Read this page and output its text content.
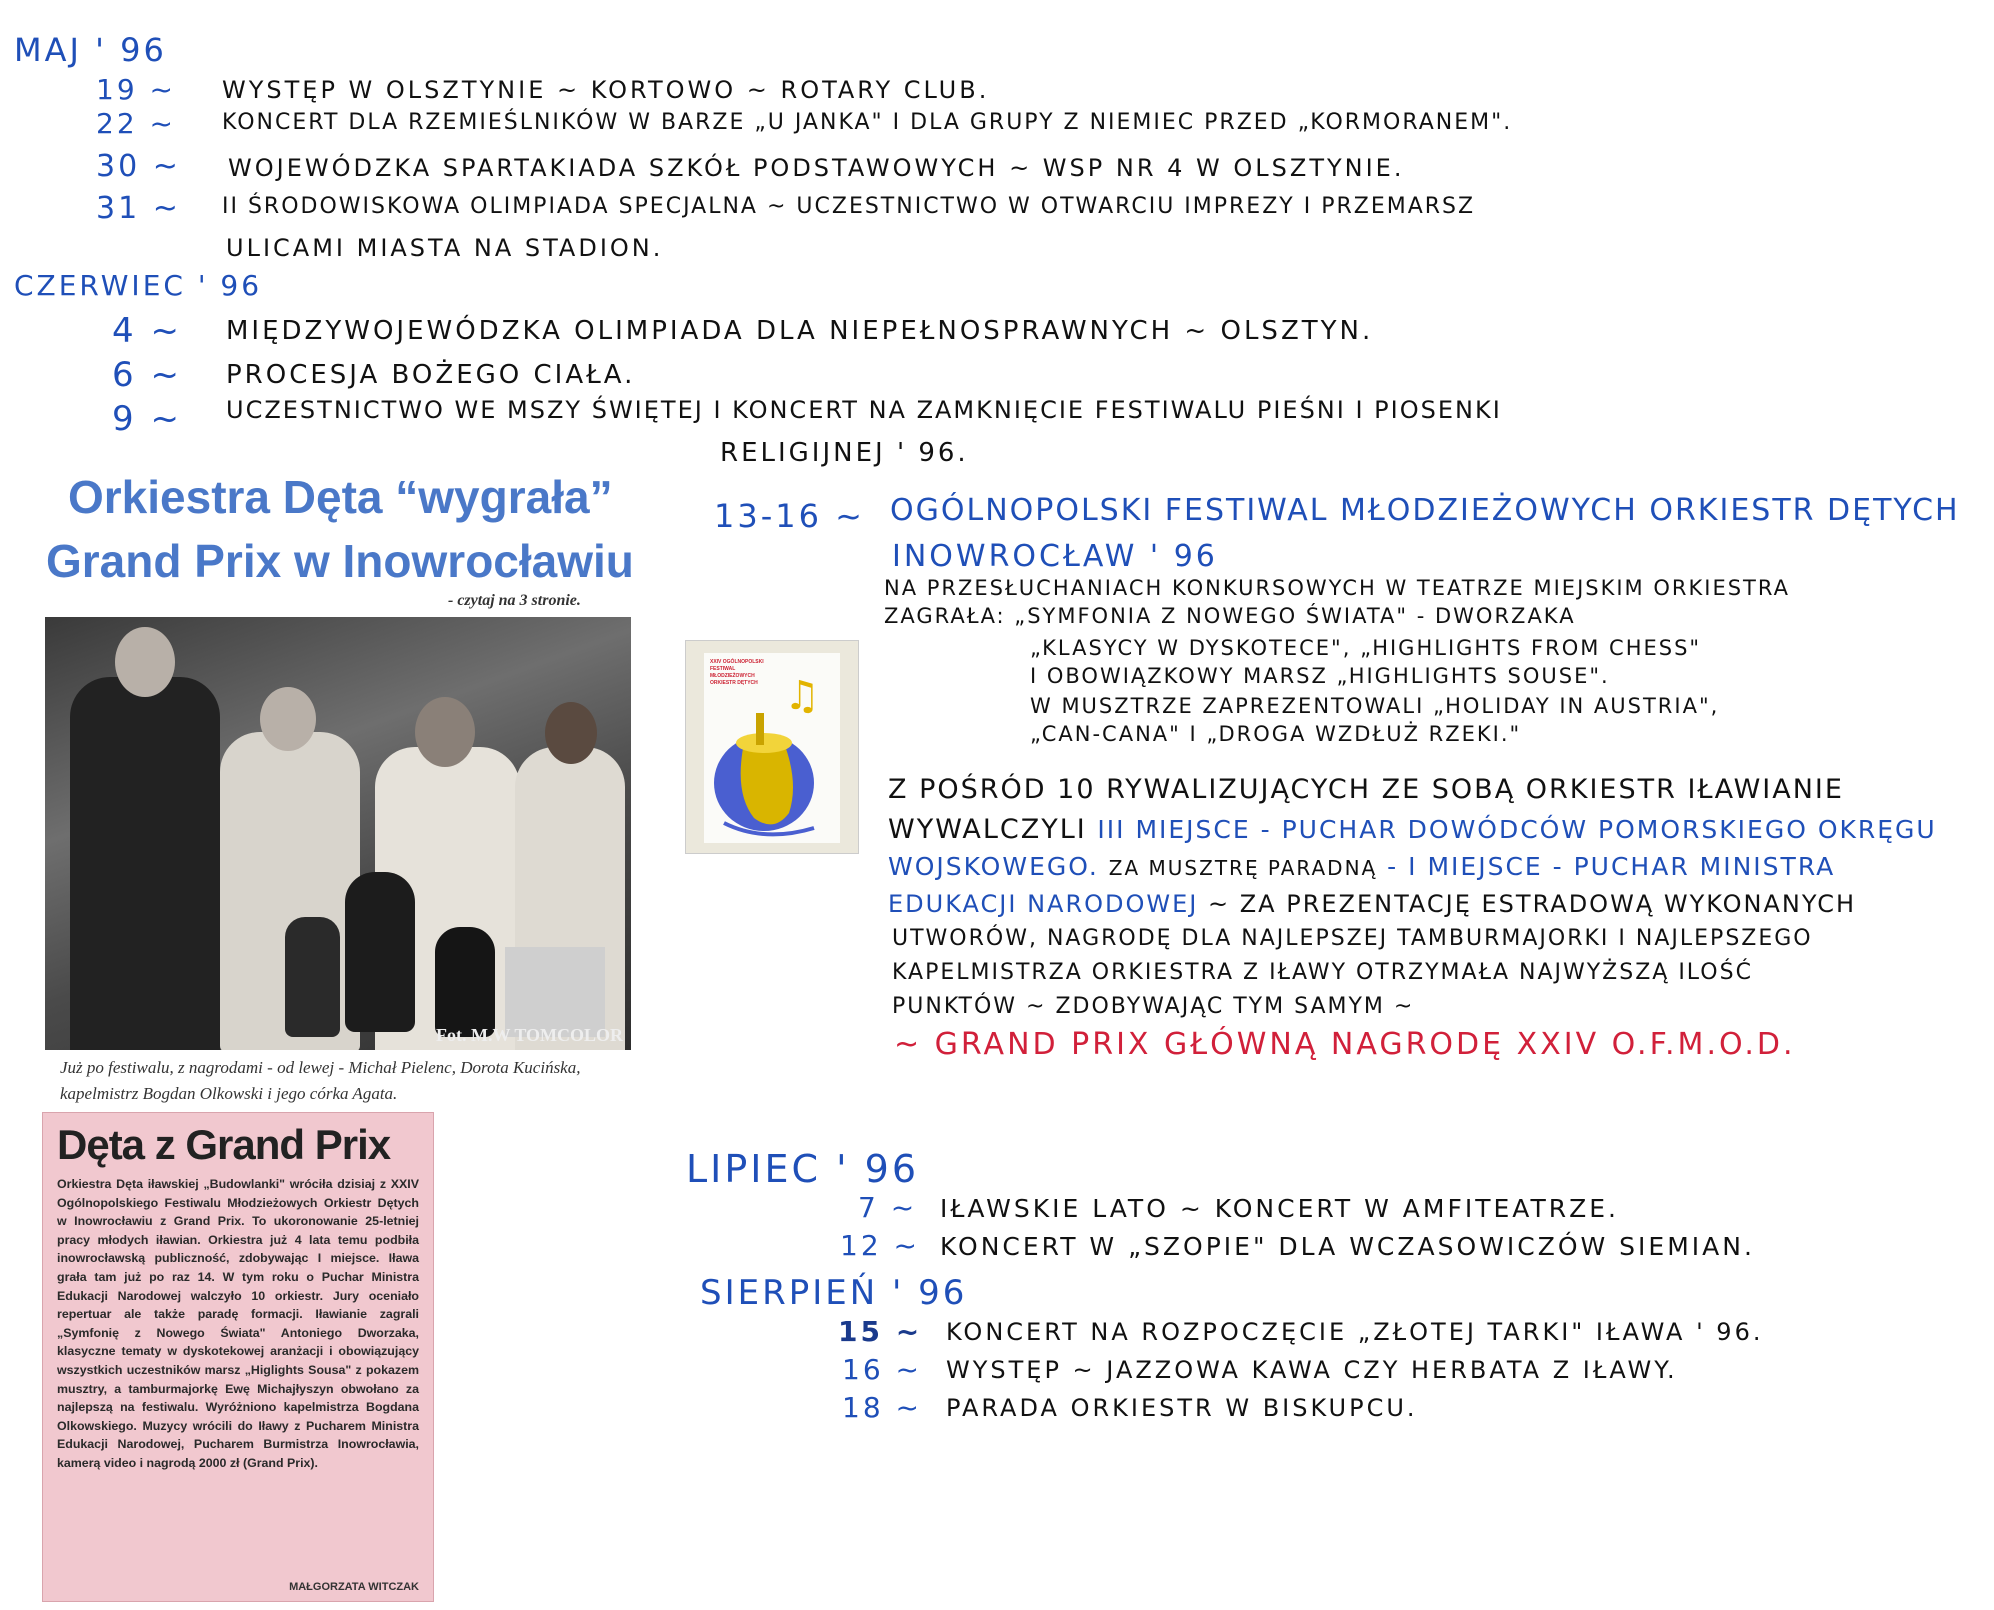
MAJ ' 96
19 ~ WYSTĘP W OLSZTYNIE ~ KORTOWO ~ ROTARY CLUB.
22 ~ KONCERT DLA RZEMIEŚLNIKÓW W BARZE „U JANKA" I DLA GRUPY Z NIEMIEC PRZED „KORMORANEM".
30 ~ WOJEWÓDZKA SPARTAKIADA SZKÓŁ PODSTAWOWYCH ~ WSP NR 4 W OLSZTYNIE.
31 ~ II ŚRODOWISKOWA OLIMPIADA SPECJALNA ~ UCZESTNICTWO W OTWARCIU IMPREZY I PRZEMARSZ
ULICAMI MIASTA NA STADION.
CZERWIEC ' 96
4 ~ MIĘDZYWOJEWÓDZKA OLIMPIADA DLA NIEPEŁNOSPRAWNYCH ~ OLSZTYN.
6 ~ PROCESJA BOŻEGO CIAŁA.
9 ~ UCZESTNICTWO WE MSZY ŚWIĘTEJ I KONCERT NA ZAMKNIĘCIE FESTIWALU PIEŚNI I PIOSENKI
RELIGIJNEJ ' 96.
Orkiestra Dęta “wygrała”
Grand Prix w Inowrocławiu
- czytaj na 3 stronie.
Fot. M.W TOMCOLOR
Już po festiwalu, z nagrodami - od lewej - Michał Pielenc, Dorota Kucińska, kapelmistrz Bogdan Olkowski i jego córka Agata.
Dęta z Grand Prix
Orkiestra Dęta iławskiej „Budowlanki" wróciła dzisiaj z XXIV Ogólnopolskiego Festiwalu Młodzieżowych Orkiestr Dętych w Inowrocławiu z Grand Prix. To ukoronowanie 25-letniej pracy młodych iławian. Orkiestra już 4 lata temu podbiła inowrocławską publiczność, zdobywając I miejsce. Iława grała tam już po raz 14. W tym roku o Puchar Ministra Edukacji Narodowej walczyło 10 orkiestr. Jury oceniało repertuar ale także paradę formacji. Iławianie zagrali „Symfonię z Nowego Świata" Antoniego Dworzaka, klasyczne tematy w dyskotekowej aranżacji i obowiązujący wszystkich uczestników marsz „Higlights Sousa" z pokazem musztry, a tamburmajorkę Ewę Michajłyszyn obwołano za najlepszą na festiwalu. Wyróżniono kapelmistrza Bogdana Olkowskiego. Muzycy wrócili do Iławy z Pucharem Ministra Edukacji Narodowej, Pucharem Burmistrza Inowrocławia, kamerą video i nagrodą 2000 zł (Grand Prix).
MAŁGORZATA WITCZAK
XXIV OGÓLNOPOLSKI FESTIWAL MŁODZIEŻOWYCH ORKIESTR DĘTYCH ♫
13-16 ~ OGÓLNOPOLSKI FESTIWAL MŁODZIEŻOWYCH ORKIESTR DĘTYCH
INOWROCŁAW ' 96
NA PRZESŁUCHANIACH KONKURSOWYCH W TEATRZE MIEJSKIM ORKIESTRA
ZAGRAŁA: „SYMFONIA Z NOWEGO ŚWIATA" - DWORZAKA
„KLASYCY W DYSKOTECE", „HIGHLIGHTS FROM CHESS"
I OBOWIĄZKOWY MARSZ „HIGHLIGHTS SOUSE".
W MUSZTRZE ZAPREZENTOWALI „HOLIDAY IN AUSTRIA",
„CAN-CANA" I „DROGA WZDŁUŻ RZEKI."
Z POŚRÓD 10 RYWALIZUJĄCYCH ZE SOBĄ ORKIESTR IŁAWIANIE
WYWALCZYLI III MIEJSCE - PUCHAR DOWÓDCÓW POMORSKIEGO OKRĘGU
WOJSKOWEGO. ZA MUSZTRĘ PARADNĄ - I MIEJSCE - PUCHAR MINISTRA
EDUKACJI NARODOWEJ ~ ZA PREZENTACJĘ ESTRADOWĄ WYKONANYCH
UTWORÓW, NAGRODĘ DLA NAJLEPSZEJ TAMBURMAJORKI I NAJLEPSZEGO
KAPELMISTRZA ORKIESTRA Z IŁAWY OTRZYMAŁA NAJWYŻSZĄ ILOŚĆ
PUNKTÓW ~ ZDOBYWAJĄC TYM SAMYM ~
~ GRAND PRIX GŁÓWNĄ NAGRODĘ XXIV O.F.M.O.D.
LIPIEC ' 96
7 ~ IŁAWSKIE LATO ~ KONCERT W AMFITEATRZE.
12 ~ KONCERT W „SZOPIE" DLA WCZASOWICZÓW SIEMIAN.
SIERPIEŃ ' 96
15 ~ KONCERT NA ROZPOCZĘCIE „ZŁOTEJ TARKI" IŁAWA ' 96.
16 ~ WYSTĘP ~ JAZZOWA KAWA CZY HERBATA Z IŁAWY.
18 ~ PARADA ORKIESTR W BISKUPCU.
